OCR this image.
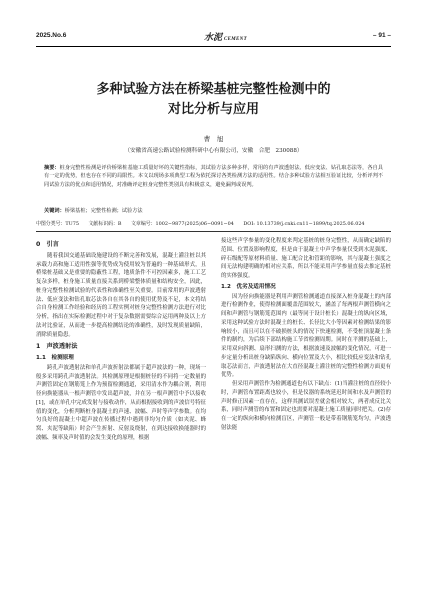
2025.No.6	水泥 CEMENT
– 91 –
多种试验方法在桥梁基桩完整性检测中的
对比分析与应用
曹　旭
（安徽省高速公路试验检测科研中心有限公司，安徽　合肥　230088）
摘要：桩身完整性检测是评价桥梁桩基施工质量好坏的关键性指标，其试验方法多种多样，常用的有声波透射法、低应变法、钻孔取芯法等，各自具有一定的优势，但也存在不同的局限性。本文以现场多项典型工程为依托探讨各类检测方法的适用性。结合多种试验方法相互验证比较，分析评判不同试验方法的优点和适用情况，对准确评定桩身完整性类别具有积极意义，避免漏判或误判。
关键词：桥梁基桩；完整性检测；试验方法
中图分类号：TU75 文献标识码：B 文章编号：1002−9877(2025)06−0091−04 DOI: 10.13739/j.cnki.cn11−1899/tq.2025.06.024
0　引言

随着我国交通基础设施建设的不断完善和发展，混凝土灌注桩以其承载力高和施工适用性强等优势成为使用较为普遍的一种基础形式，且桥梁桩基础又是重要的隐蔽性工程，地质条件不可控因素多，施工工艺复杂多样，桩身施工质量直接关系到桥梁整体质量和结构安全，因此，桩身完整性检测试验的代表性和准确性至关重要。目前常用的声波透射法、低应变法和钻孔取芯法各自在其各自的使用优势及不足，本文将结合自身检测工作经验和经历的工程实例对桩身完整性检测方法进行对比分析，指出在实际检测过程中对于复杂数据需要综合运用两种及以上方法对比验证，从而进一步提高检测结论的准确性，及时发现质量缺陷，消除质量隐患。

1　声波透射法
1.1　检测原理

跨孔声波透射法和单孔声波折射法都属于超声波法的一种，现场一般多采用跨孔声波透射法。其检测原理是根据桩径的不同将一定数量的声测管固定在钢筋笼上作为预留检测通道，采用清水作为耦合剂，利用径向换能器从一根声测管中发出超声波，并在另一根声测管中予以接收[1]，或在单孔中完成发射与接收动作，从而根据接收到的声波信号特征值的变化，分析判断桩身混凝土的声速、波幅、声时等声学参数。在均匀良好的混凝土中超声波在传播过程中遇到非均匀介质（如夹泥、蜂窝、夹泥等缺陷）时会产生折射、反射及绕射，在到达接收换能器时的波幅、频率及声时值的会发生变化的原理，根据

接这些声学参量的变化程度来判定基桩的桩身完整性，从而确定缺陷的范围、位置及影响程度，但是由于混凝土中声学参量仅受到水泥强度、碎石级配等原材料质量、施工配合比和管距的影响，其与混凝土强度之间无法构建明确的相对应关系，所以不能采用声学参量直接去推定基桩的实体强度。

1.2　优劣及适用情况

因为径向换能器是利用声测管检测通道直接深入桩身混凝土的内部进行检测作业，使得检测面覆盖范围较大，涵盖了每两根声测管横向之间和声测管与钢筋笼范围内（最等同于设计桩长）混凝土的纵向区域，采用这种试验方法时混凝土的桩长、长径比大小等因素对检测结果的影响较小，而且可以在不破损桩头的情况下快速检测，不受桩顶混凝土条件的制约，为后续下部结构施工节省检测周期。同时在平测的基础上，采用双向斜测、扇形扫测的方法，根据波速及波幅的变化情况，可进一步定量分析出桩身缺陷纵向、横向位置及大小，相比较低应变法和钻孔取芯法而言，声波透射法在大直径混凝土灌注桩的完整性检测方面更有优势。

但采用声测管作为检测通道也有以下缺点：(1)当灌注桩的直径较小时，声测管布置距离也较小，但是仪器的系统延迟时间和水及声测管的声时修正因素一直存在，这样其测试误差就会相对较大，两者成反比关系，同时声测管的布置和固定也需要对混凝土施工质量同时把关。(2)存在一定的纵向和横向检测盲区，声测管一般是带着钢筋笼均匀，声波透射法能
